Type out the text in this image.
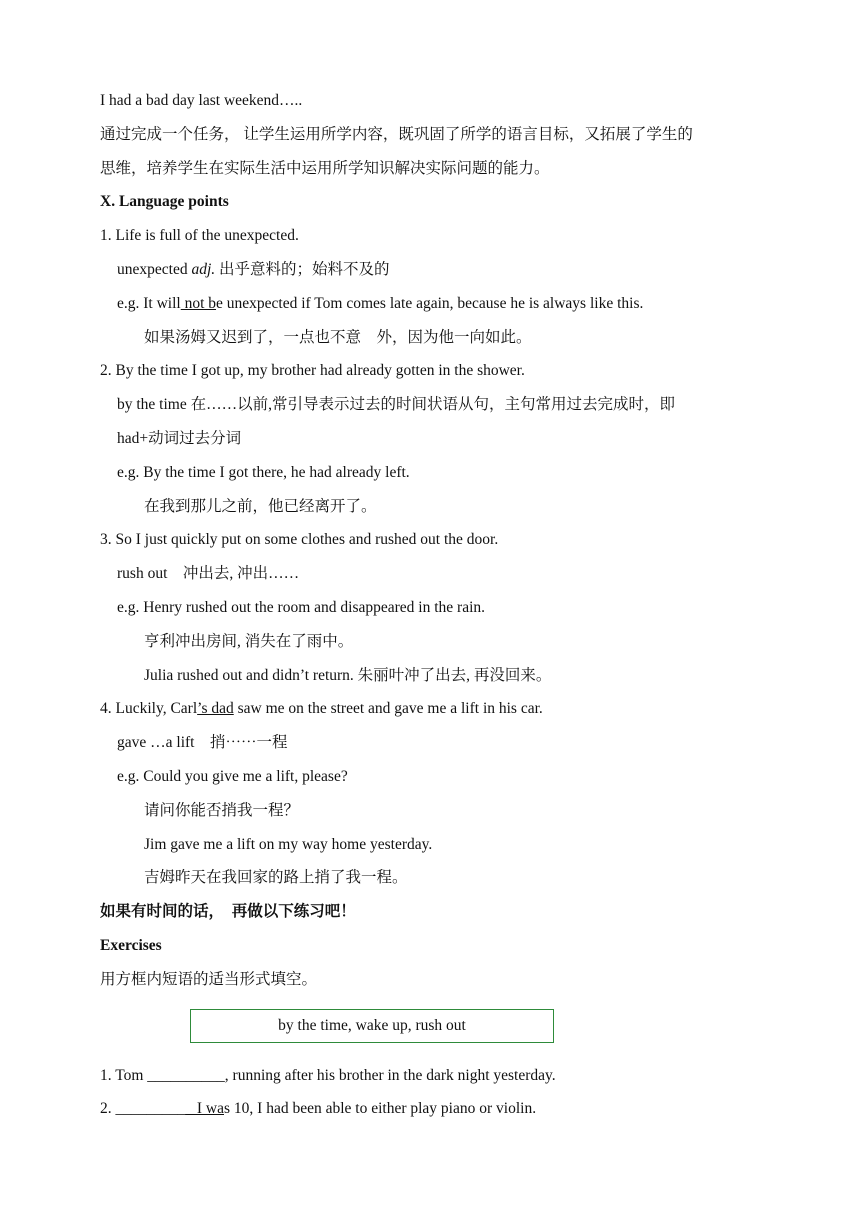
I had a bad day last weekend…..
通过完成一个任务， 让学生运用所学内容，既巩固了所学的语言目标，又拓展了学生的
思维，培养学生在实际生活中运用所学知识解决实际问题的能力。
X. Language points
1. Life is full of the unexpected.
unexpected adj. 出乎意料的；始料不及的
e.g. It will not be unexpected if Tom comes late again, because he is always like this.
如果汤姆又迟到了，一点也不意　外，因为他一向如此。
2. By the time I got up, my brother had already gotten in the shower.
by the time 在……以前,常引导表示过去的时间状语从句，主句常用过去完成时，即
had+动词过去分词
e.g. By the time I got there, he had already left.
在我到那儿之前，他已经离开了。
3. So I just quickly put on some clothes and rushed out the door.
rush out　冲出去, 冲出……
e.g. Henry rushed out the room and disappeared in the rain.
亨利冲出房间, 消失在了雨中。
Julia rushed out and didn’t return. 朱丽叶冲了出去, 再没回来。
4. Luckily, Carl’s dad saw me on the street and gave me a lift in his car.
gave …a lift　捎⋯⋯一程
e.g. Could you give me a lift, please?
请问你能否捎我一程？
Jim gave me a lift on my way home yesterday.
吉姆昨天在我回家的路上捎了我一程。
如果有时间的话，　再做以下练习吧！
Exercises
用方框内短语的适当形式填空。
by the time, wake up, rush out
1. Tom __________, running after his brother in the dark night yesterday.
2. __________ I was 10, I had been able to either play piano or violin.
